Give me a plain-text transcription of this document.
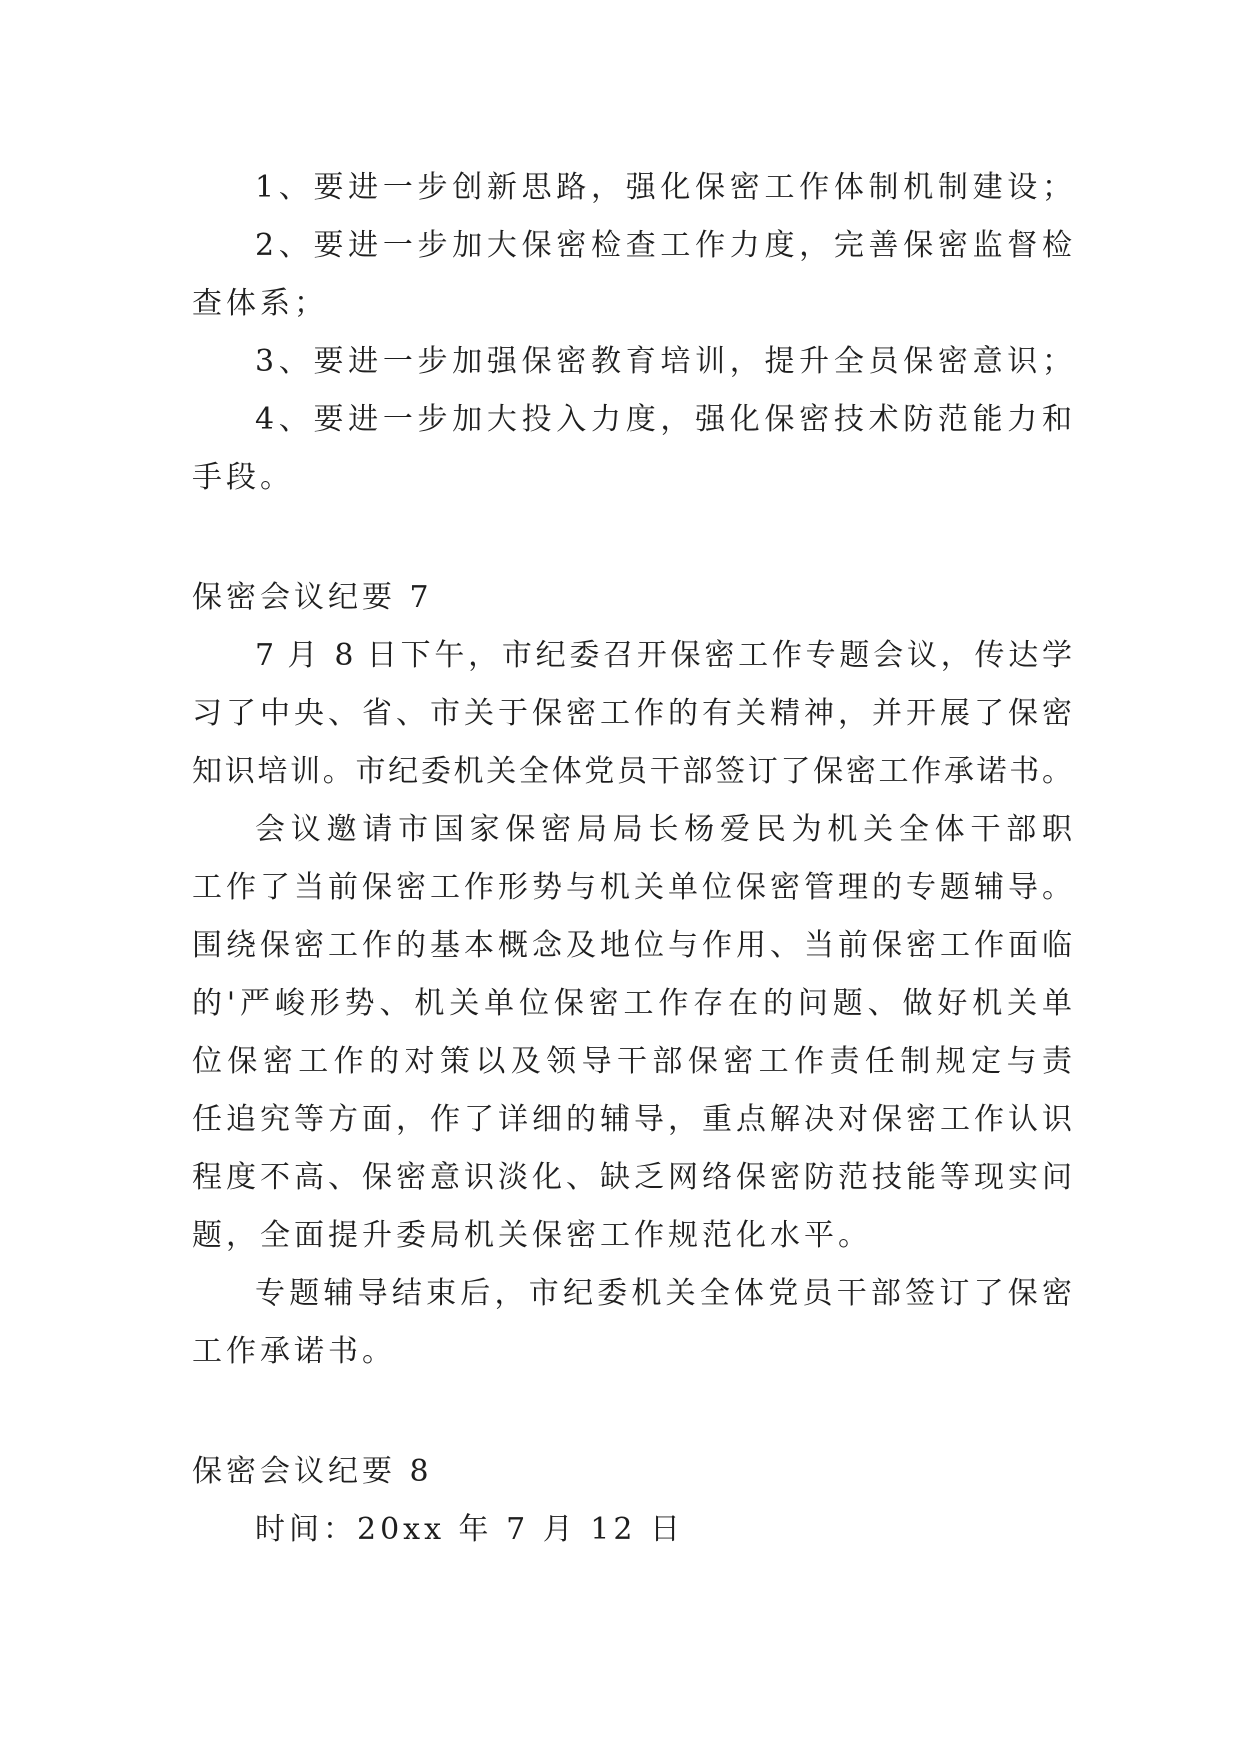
1、要进一步创新思路，强化保密工作体制机制建设；
2、要进一步加大保密检查工作力度，完善保密监督检
查体系；
3、要进一步加强保密教育培训，提升全员保密意识；
4、要进一步加大投入力度，强化保密技术防范能力和
手段。
保密会议纪要 7
7 月 8 日下午，市纪委召开保密工作专题会议，传达学
习了中央、省、市关于保密工作的有关精神，并开展了保密
知识培训。市纪委机关全体党员干部签订了保密工作承诺书。
会议邀请市国家保密局局长杨爱民为机关全体干部职
工作了当前保密工作形势与机关单位保密管理的专题辅导。
围绕保密工作的基本概念及地位与作用、当前保密工作面临
的'严峻形势、机关单位保密工作存在的问题、做好机关单
位保密工作的对策以及领导干部保密工作责任制规定与责
任追究等方面，作了详细的辅导，重点解决对保密工作认识
程度不高、保密意识淡化、缺乏网络保密防范技能等现实问
题，全面提升委局机关保密工作规范化水平。
专题辅导结束后，市纪委机关全体党员干部签订了保密
工作承诺书。
保密会议纪要 8
时间：20xx 年 7 月 12 日
